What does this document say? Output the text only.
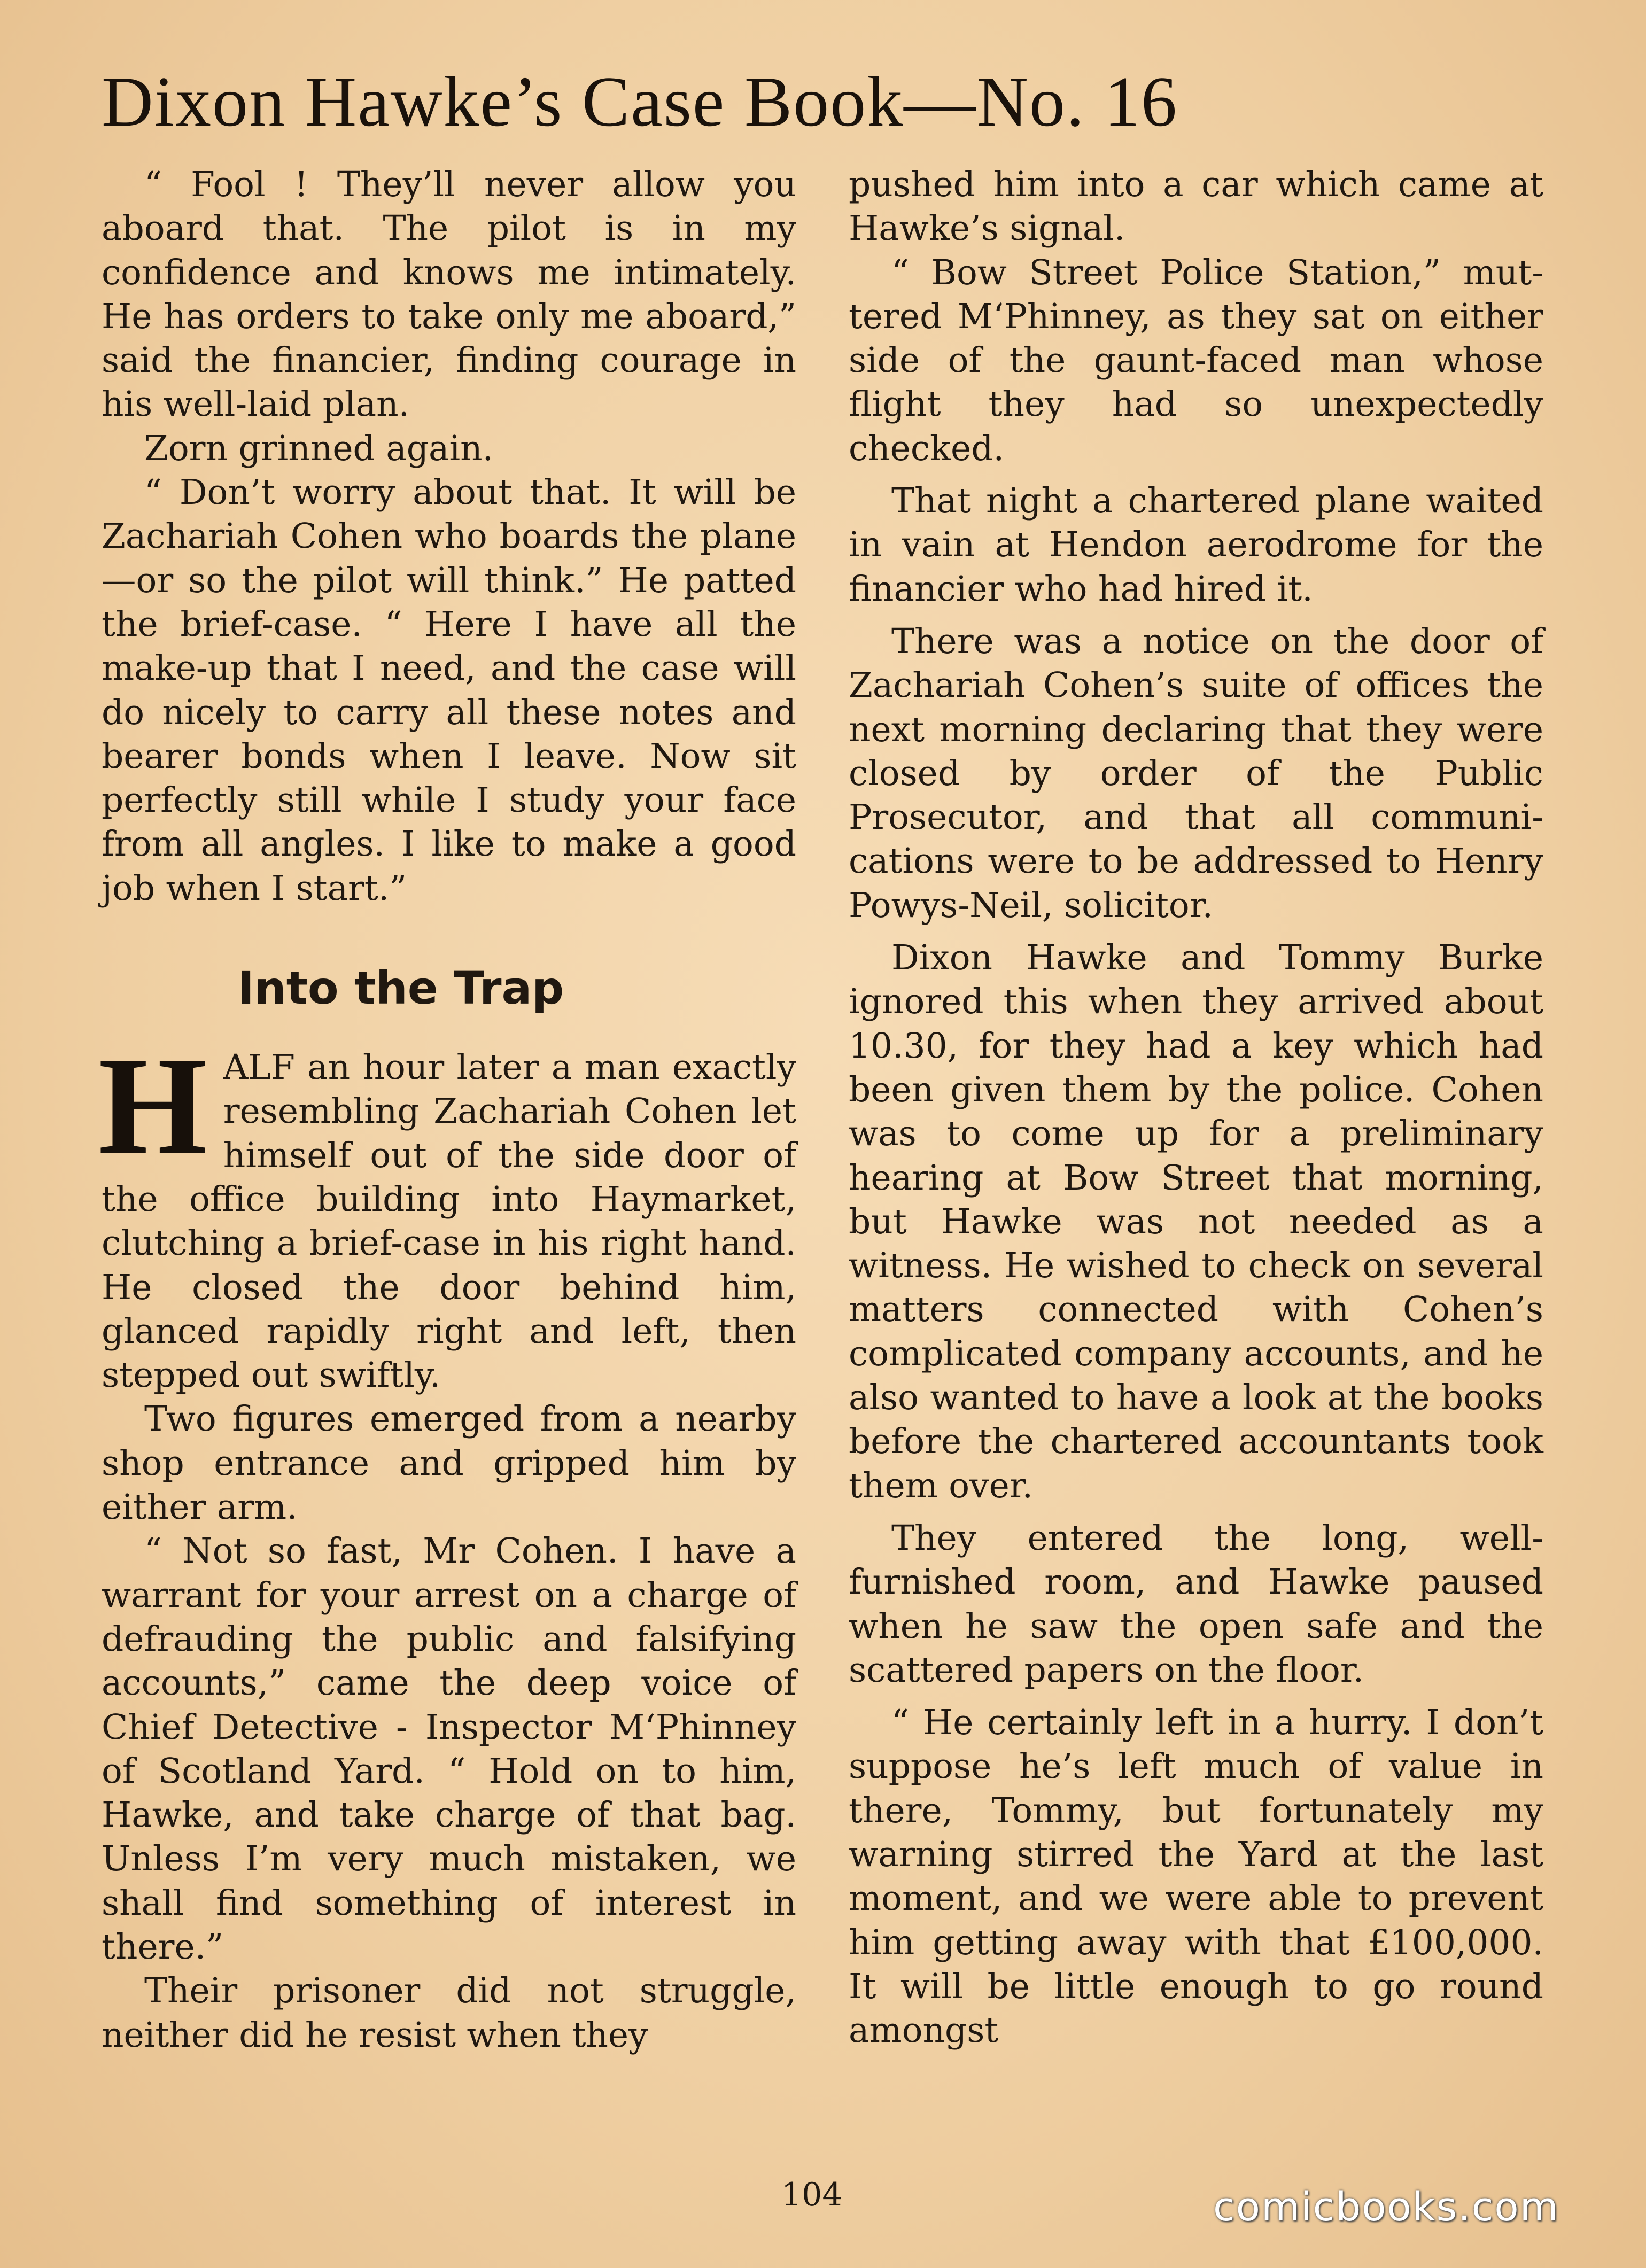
Dixon Hawke’s Case Book—No. 16

“ Fool ! They’ll never allow you aboard that. The pilot is in my confidence and knows me intimately. He has orders to take only me aboard,” said the financier, finding courage in his well-laid plan.

Zorn grinned again.

“ Don’t worry about that. It will be Zachariah Cohen who boards the plane—or so the pilot will think.” He patted the brief-case. “ Here I have all the make-up that I need, and the case will do nicely to carry all these notes and bearer bonds when I leave. Now sit perfectly still while I study your face from all angles. I like to make a good job when I start.”

Into the Trap

HALF an hour later a man exactly resembling Zachariah Cohen let himself out of the side door of the office building into Haymarket, clutching a brief-case in his right hand. He closed the door behind him, glanced rapidly right and left, then stepped out swiftly.

Two figures emerged from a nearby shop entrance and gripped him by either arm.

“ Not so fast, Mr Cohen. I have a warrant for your arrest on a charge of defrauding the public and falsifying accounts,” came the deep voice of Chief Detective - Inspector M‘Phinney of Scotland Yard. “ Hold on to him, Hawke, and take charge of that bag. Unless I’m very much mistaken, we shall find something of interest in there.”

Their prisoner did not struggle, neither did he resist when they

pushed him into a car which came at Hawke’s signal.

“ Bow Street Police Station,” muttered M‘Phinney, as they sat on either side of the gaunt-faced man whose flight they had so unexpectedly checked.

That night a chartered plane waited in vain at Hendon aerodrome for the financier who had hired it.

There was a notice on the door of Zachariah Cohen’s suite of offices the next morning declaring that they were closed by order of the Public Prosecutor, and that all communications were to be addressed to Henry Powys-Neil, solicitor.

Dixon Hawke and Tommy Burke ignored this when they arrived about 10.30, for they had a key which had been given them by the police. Cohen was to come up for a preliminary hearing at Bow Street that morning, but Hawke was not needed as a witness. He wished to check on several matters connected with Cohen’s complicated company accounts, and he also wanted to have a look at the books before the chartered accountants took them over.

They entered the long, well-furnished room, and Hawke paused when he saw the open safe and the scattered papers on the floor.

“ He certainly left in a hurry. I don’t suppose he’s left much of value in there, Tommy, but fortunately my warning stirred the Yard at the last moment, and we were able to prevent him getting away with that £100,000. It will be little enough to go round amongst

104	comicbooks.com
